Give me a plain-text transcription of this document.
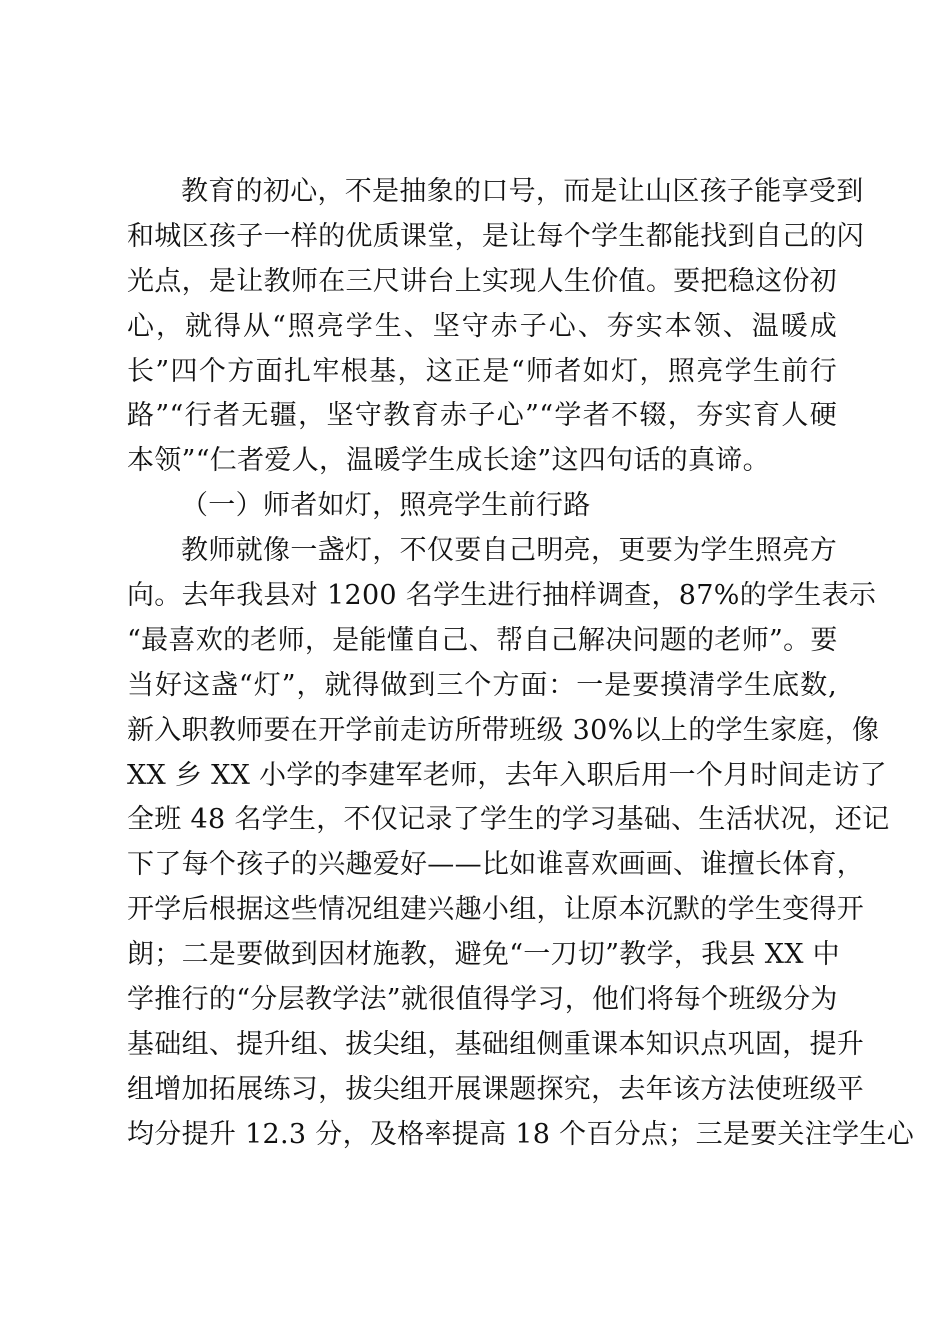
教育的初心，不是抽象的口号，而是让山区孩子能享受到
和城区孩子一样的优质课堂，是让每个学生都能找到自己的闪
光点，是让教师在三尺讲台上实现人生价值。要把稳这份初
心，就得从“照亮学生、坚守赤子心、夯实本领、温暖成
长”四个方面扎牢根基，这正是“师者如灯，照亮学生前行
路”“行者无疆，坚守教育赤子心”“学者不辍，夯实育人硬
本领”“仁者爱人，温暖学生成长途”这四句话的真谛。
（一）师者如灯，照亮学生前行路
教师就像一盏灯，不仅要自己明亮，更要为学生照亮方
向。去年我县对 1200 名学生进行抽样调查，87%的学生表示
“最喜欢的老师，是能懂自己、帮自己解决问题的老师”。要
当好这盏“灯”，就得做到三个方面：一是要摸清学生底数,
新入职教师要在开学前走访所带班级 30%以上的学生家庭，像
XX 乡 XX 小学的李建军老师，去年入职后用一个月时间走访了
全班 48 名学生，不仅记录了学生的学习基础、生活状况，还记
下了每个孩子的兴趣爱好——比如谁喜欢画画、谁擅长体育，
开学后根据这些情况组建兴趣小组，让原本沉默的学生变得开
朗；二是要做到因材施教，避免“一刀切”教学，我县 XX 中
学推行的“分层教学法”就很值得学习，他们将每个班级分为
基础组、提升组、拔尖组，基础组侧重课本知识点巩固，提升
组增加拓展练习，拔尖组开展课题探究，去年该方法使班级平
均分提升 12.3 分，及格率提高 18 个百分点；三是要关注学生心
